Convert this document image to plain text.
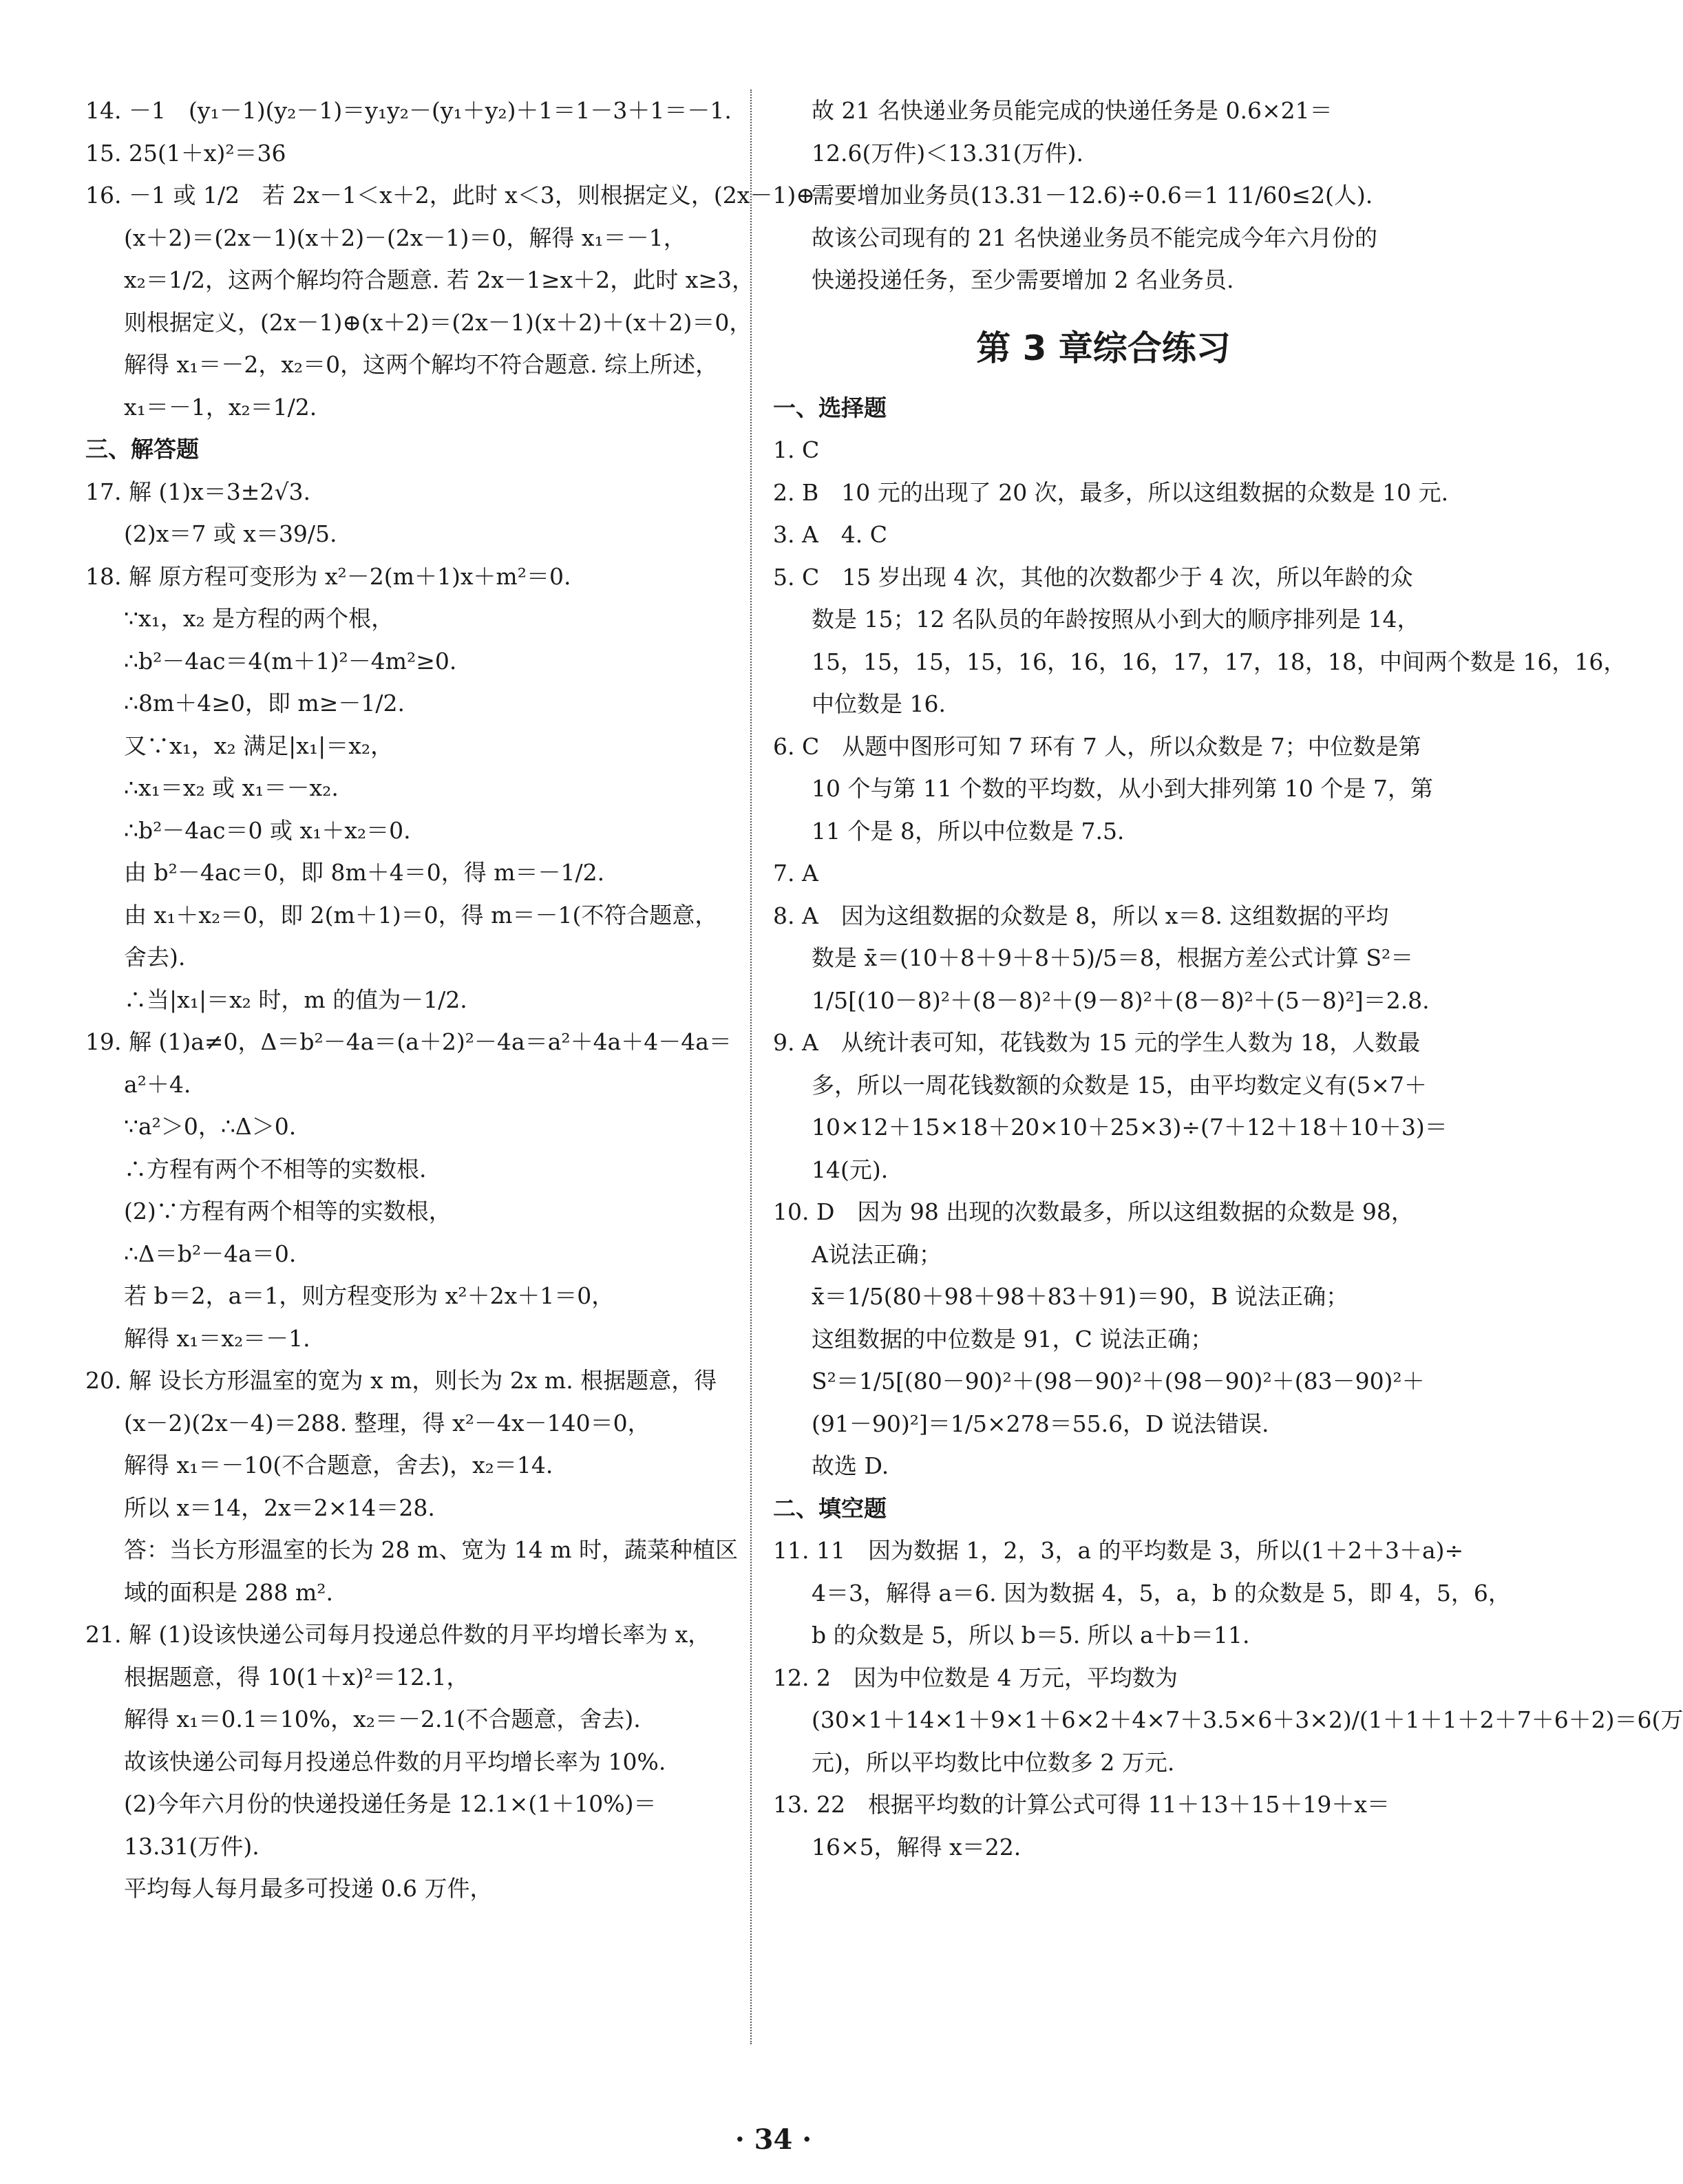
14. －1　(y₁－1)(y₂－1)＝y₁y₂－(y₁＋y₂)＋1＝1－3＋1＝－1.
15. 25(1＋x)²＝36
16. －1 或 1/2　若 2x－1＜x＋2，此时 x＜3，则根据定义，(2x－1)⊕
(x＋2)＝(2x－1)(x＋2)－(2x－1)＝0，解得 x₁＝－1，
x₂＝1/2，这两个解均符合题意. 若 2x－1≥x＋2，此时 x≥3，
则根据定义，(2x－1)⊕(x＋2)＝(2x－1)(x＋2)＋(x＋2)＝0，
解得 x₁＝－2，x₂＝0，这两个解均不符合题意. 综上所述，
x₁＝－1，x₂＝1/2.
三、解答题
17. 解 (1)x＝3±2√3.
(2)x＝7 或 x＝39/5.
18. 解 原方程可变形为 x²－2(m＋1)x＋m²＝0.
∵x₁，x₂ 是方程的两个根，
∴b²－4ac＝4(m＋1)²－4m²≥0.
∴8m＋4≥0，即 m≥－1/2.
又∵x₁，x₂ 满足|x₁|＝x₂，
∴x₁＝x₂ 或 x₁＝－x₂.
∴b²－4ac＝0 或 x₁＋x₂＝0.
由 b²－4ac＝0，即 8m＋4＝0，得 m＝－1/2.
由 x₁＋x₂＝0，即 2(m＋1)＝0，得 m＝－1(不符合题意，
舍去).
∴当|x₁|＝x₂ 时，m 的值为－1/2.
19. 解 (1)a≠0，Δ＝b²－4a＝(a＋2)²－4a＝a²＋4a＋4－4a＝
a²＋4.
∵a²＞0，∴Δ＞0.
∴方程有两个不相等的实数根.
(2)∵方程有两个相等的实数根，
∴Δ＝b²－4a＝0.
若 b＝2，a＝1，则方程变形为 x²＋2x＋1＝0，
解得 x₁＝x₂＝－1.
20. 解 设长方形温室的宽为 x m，则长为 2x m. 根据题意，得
(x－2)(2x－4)＝288. 整理，得 x²－4x－140＝0，
解得 x₁＝－10(不合题意，舍去)，x₂＝14.
所以 x＝14，2x＝2×14＝28.
答：当长方形温室的长为 28 m、宽为 14 m 时，蔬菜种植区
域的面积是 288 m².
21. 解 (1)设该快递公司每月投递总件数的月平均增长率为 x，
根据题意，得 10(1＋x)²＝12.1，
解得 x₁＝0.1＝10%，x₂＝－2.1(不合题意，舍去).
故该快递公司每月投递总件数的月平均增长率为 10%.
(2)今年六月份的快递投递任务是 12.1×(1＋10%)＝
13.31(万件).
平均每人每月最多可投递 0.6 万件，
故 21 名快递业务员能完成的快递任务是 0.6×21＝
12.6(万件)＜13.31(万件).
需要增加业务员(13.31－12.6)÷0.6＝1 11/60≤2(人).
故该公司现有的 21 名快递业务员不能完成今年六月份的
快递投递任务，至少需要增加 2 名业务员.
第 3 章综合练习
一、选择题
1. C
2. B　10 元的出现了 20 次，最多，所以这组数据的众数是 10 元.
3. A　4. C
5. C　15 岁出现 4 次，其他的次数都少于 4 次，所以年龄的众
数是 15；12 名队员的年龄按照从小到大的顺序排列是 14，
15，15，15，15，16，16，16，17，17，18，18，中间两个数是 16，16，
中位数是 16.
6. C　从题中图形可知 7 环有 7 人，所以众数是 7；中位数是第
10 个与第 11 个数的平均数，从小到大排列第 10 个是 7，第
11 个是 8，所以中位数是 7.5.
7. A
8. A　因为这组数据的众数是 8，所以 x＝8. 这组数据的平均
数是 x̄＝(10＋8＋9＋8＋5)/5＝8，根据方差公式计算 S²＝
1/5[(10－8)²＋(8－8)²＋(9－8)²＋(8－8)²＋(5－8)²]＝2.8.
9. A　从统计表可知，花钱数为 15 元的学生人数为 18，人数最
多，所以一周花钱数额的众数是 15，由平均数定义有(5×7＋
10×12＋15×18＋20×10＋25×3)÷(7＋12＋18＋10＋3)＝
14(元).
10. D　因为 98 出现的次数最多，所以这组数据的众数是 98，
A说法正确；
x̄＝1/5(80＋98＋98＋83＋91)＝90，B 说法正确；
这组数据的中位数是 91，C 说法正确；
S²＝1/5[(80－90)²＋(98－90)²＋(98－90)²＋(83－90)²＋
(91－90)²]＝1/5×278＝55.6，D 说法错误.
故选 D.
二、填空题
11. 11　因为数据 1，2，3，a 的平均数是 3，所以(1＋2＋3＋a)÷
4＝3，解得 a＝6. 因为数据 4，5，a，b 的众数是 5，即 4，5，6，
b 的众数是 5，所以 b＝5. 所以 a＋b＝11.
12. 2　因为中位数是 4 万元，平均数为
(30×1＋14×1＋9×1＋6×2＋4×7＋3.5×6＋3×2)/(1＋1＋1＋2＋7＋6＋2)＝6(万
元)，所以平均数比中位数多 2 万元.
13. 22　根据平均数的计算公式可得 11＋13＋15＋19＋x＝
16×5，解得 x＝22.
· 34 ·
